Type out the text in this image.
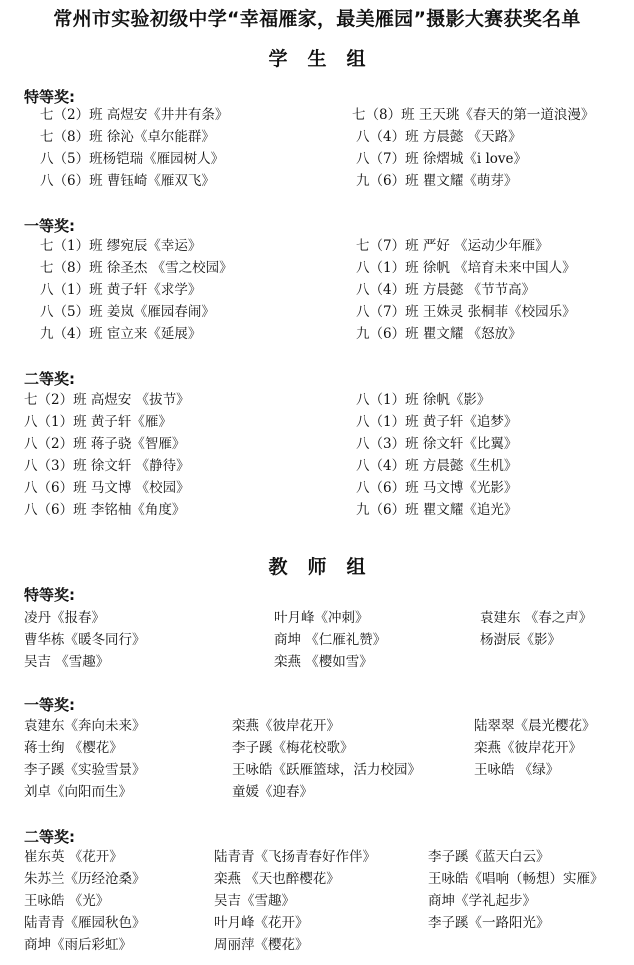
常州市实验初级中学“幸福雁家，最美雁园”摄影大赛获奖名单
学生组
特等奖:
七（2）班 高煜安《井井有条》
七（8）班 徐沁《卓尔能群》
八（5）班杨铠瑞《雁园树人》
八（6）班 曹钰崎《雁双飞》
七（8）班 王天珧《春天的第一道浪漫》
八（4）班 方晨懿 《天路》
八（7）班 徐熠城《i love》
九（6）班 瞿文耀《萌芽》
一等奖:
七（1）班 缪宛辰《幸运》
七（8）班 徐圣杰 《雪之校园》
八（1）班 黄子轩《求学》
八（5）班 姜岚《雁园春闹》
九（4）班 宦立来《延展》
七（7）班 严好 《运动少年雁》
八（1）班 徐帆 《培育未来中国人》
八（4）班 方晨懿 《节节高》
八（7）班 王姝灵 张桐菲《校园乐》
九（6）班 瞿文耀 《怒放》
二等奖:
七（2）班 高煜安 《拔节》
八（1）班 黄子轩《雁》
八（2）班 蒋子骁《智雁》
八（3）班 徐文轩 《静待》
八（6）班 马文博 《校园》
八（6）班 李铭柚《角度》
八（1）班 徐帆《影》
八（1）班 黄子轩《追梦》
八（3）班 徐文轩《比翼》
八（4）班 方晨懿《生机》
八（6）班 马文博《光影》
九（6）班 瞿文耀《追光》
教师组
特等奖:
凌丹《报春》
曹华栋《暖冬同行》
吴吉 《雪趣》
叶月峰《冲刺》
商坤 《仁雁礼赞》
栾燕 《樱如雪》
袁建东 《春之声》
杨澍辰《影》
一等奖:
袁建东《奔向未来》
蒋士绚 《樱花》
李子蹊《实验雪景》
刘卓《向阳而生》
栾燕《彼岸花开》
李子蹊《梅花校歌》
王咏皓《跃雁篮球，活力校园》
童媛《迎春》
陆翠翠《晨光樱花》
栾燕《彼岸花开》
王咏皓 《绿》
二等奖:
崔东英 《花开》
朱苏兰《历经沧桑》
王咏皓 《光》
陆青青《雁园秋色》
商坤《雨后彩虹》
陆青青《飞扬青春好作伴》
栾燕 《天也醉樱花》
吴吉《雪趣》
叶月峰《花开》
周丽萍《樱花》
李子蹊《蓝天白云》
王咏皓《唱响（畅想）实雁》
商坤《学礼起步》
李子蹊《一路阳光》
